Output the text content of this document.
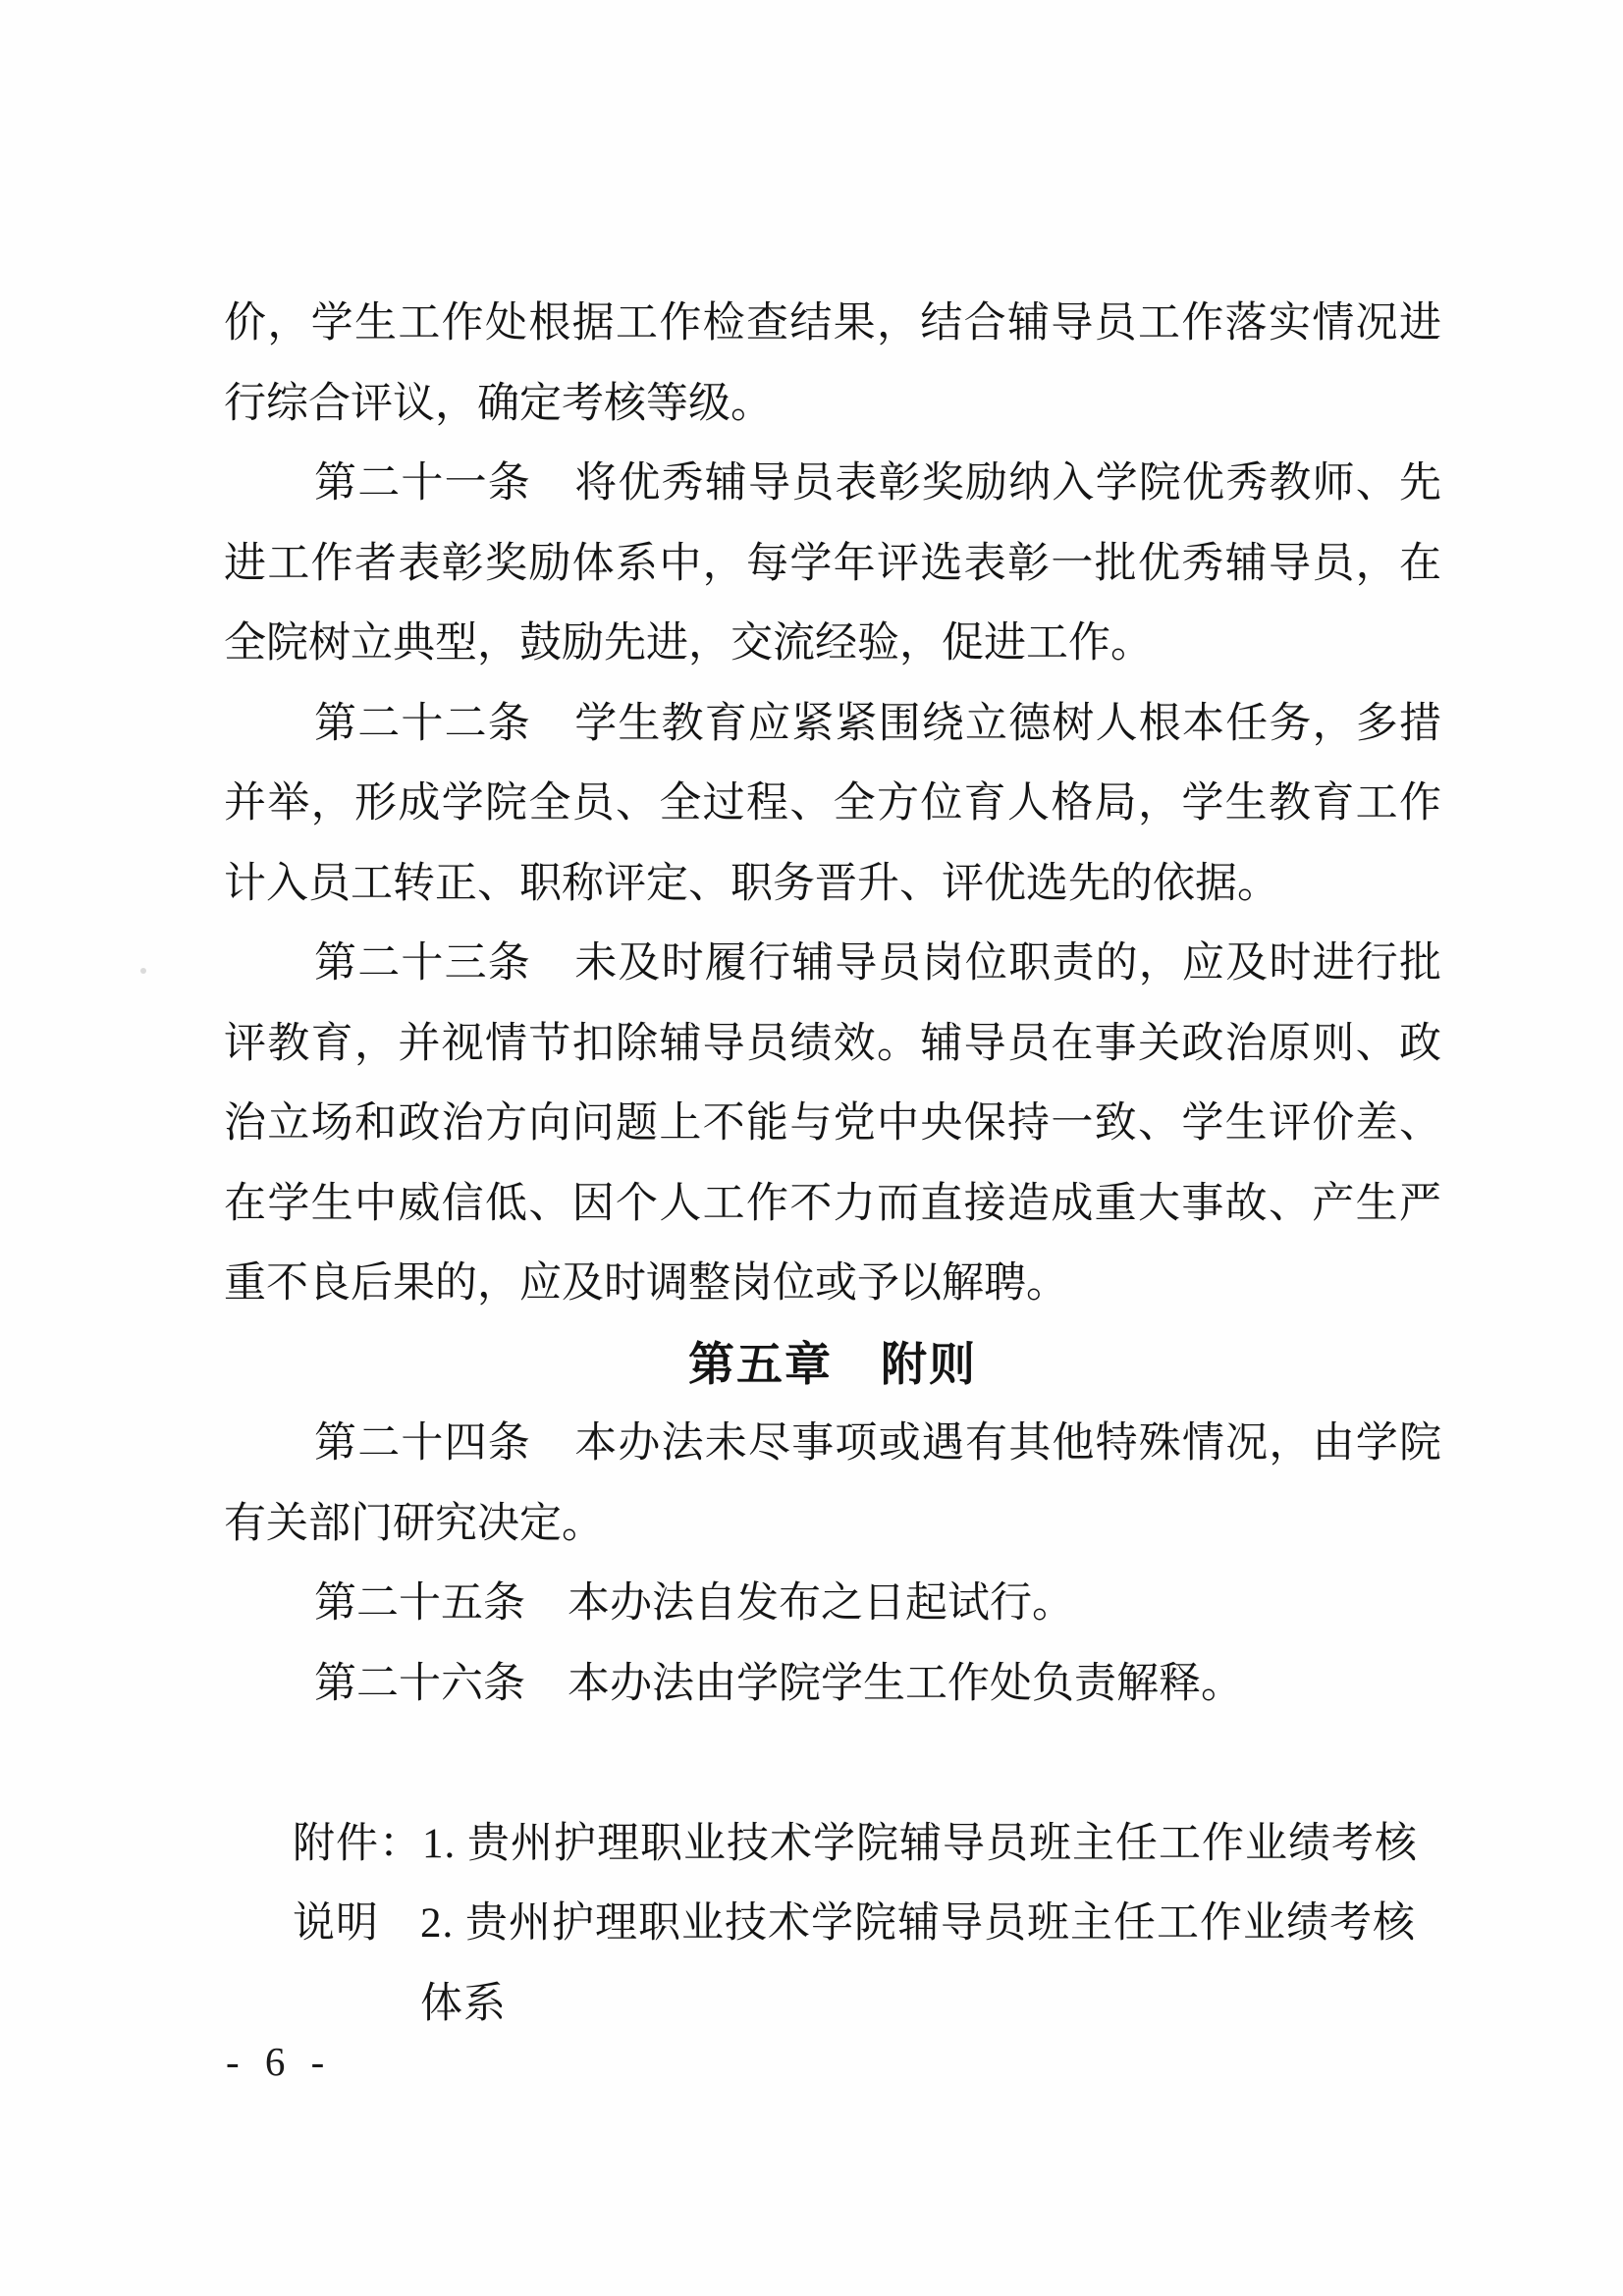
价，学生工作处根据工作检查结果，结合辅导员工作落实情况进
行综合评议，确定考核等级。
第二十一条　将优秀辅导员表彰奖励纳入学院优秀教师、先
进工作者表彰奖励体系中，每学年评选表彰一批优秀辅导员，在
全院树立典型，鼓励先进，交流经验，促进工作。
第二十二条　学生教育应紧紧围绕立德树人根本任务，多措
并举，形成学院全员、全过程、全方位育人格局，学生教育工作
计入员工转正、职称评定、职务晋升、评优选先的依据。
第二十三条　未及时履行辅导员岗位职责的，应及时进行批
评教育，并视情节扣除辅导员绩效。辅导员在事关政治原则、政
治立场和政治方向问题上不能与党中央保持一致、学生评价差、
在学生中威信低、因个人工作不力而直接造成重大事故、产生严
重不良后果的，应及时调整岗位或予以解聘。
第五章　附则
第二十四条　本办法未尽事项或遇有其他特殊情况，由学院
有关部门研究决定。
第二十五条　本办法自发布之日起试行。
第二十六条　本办法由学院学生工作处负责解释。
附件：1. 贵州护理职业技术学院辅导员班主任工作业绩考核说明 2. 贵州护理职业技术学院辅导员班主任工作业绩考核体系
- 6 -
